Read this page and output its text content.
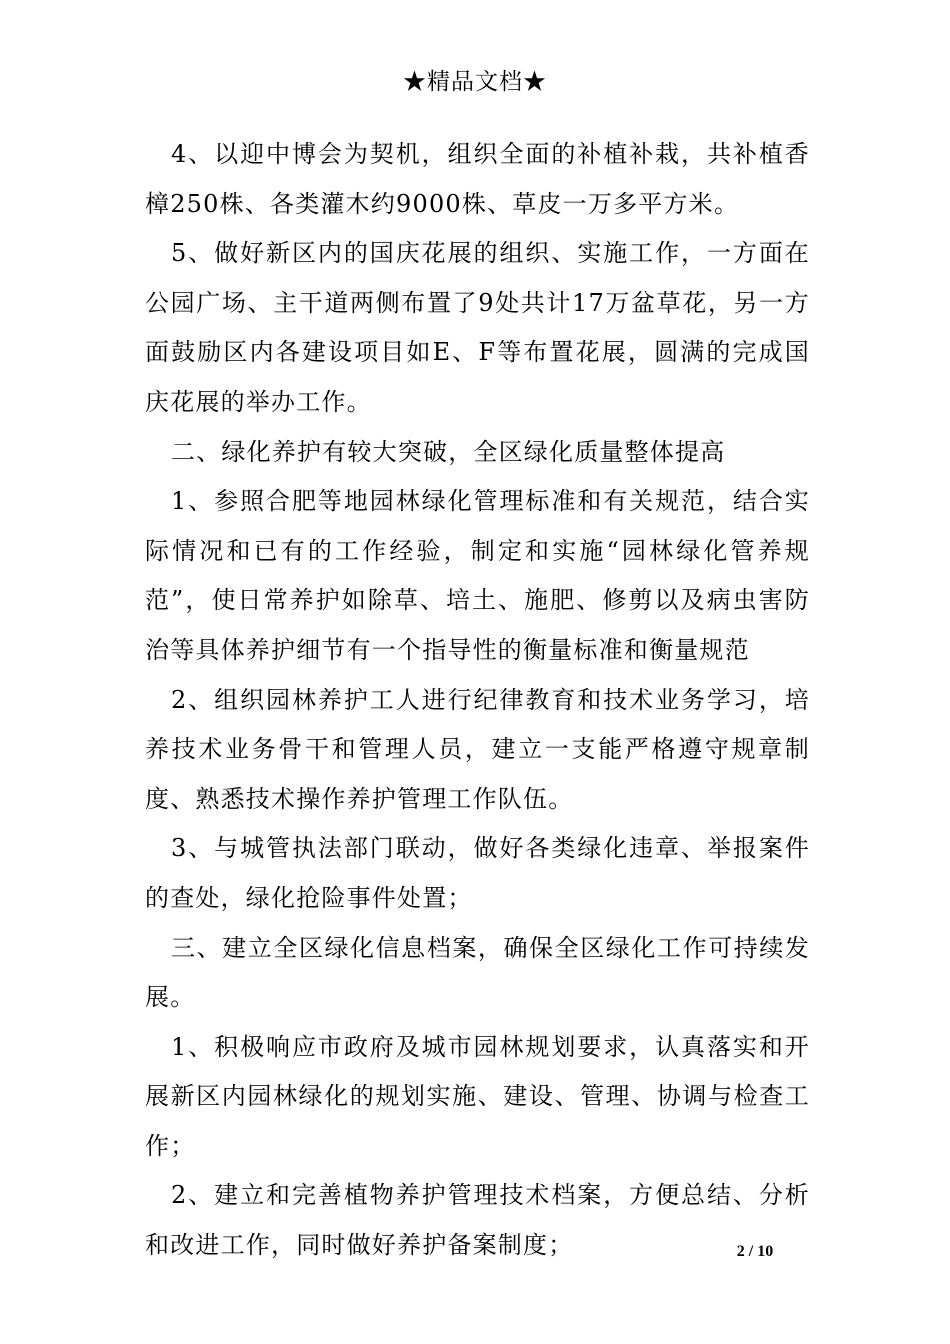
★精品文档★

4、以迎中博会为契机，组织全面的补植补栽，共补植香樟250株、各类灌木约9000株、草皮一万多平方米。

5、做好新区内的国庆花展的组织、实施工作，一方面在公园广场、主干道两侧布置了9处共计17万盆草花，另一方面鼓励区内各建设项目如E、F等布置花展，圆满的完成国庆花展的举办工作。

二、绿化养护有较大突破，全区绿化质量整体提高

1、参照合肥等地园林绿化管理标准和有关规范，结合实际情况和已有的工作经验，制定和实施“园林绿化管养规范”，使日常养护如除草、培土、施肥、修剪以及病虫害防治等具体养护细节有一个指导性的衡量标准和衡量规范

2、组织园林养护工人进行纪律教育和技术业务学习，培养技术业务骨干和管理人员，建立一支能严格遵守规章制度、熟悉技术操作养护管理工作队伍。

3、与城管执法部门联动，做好各类绿化违章、举报案件的查处，绿化抢险事件处置；

三、建立全区绿化信息档案，确保全区绿化工作可持续发展。

1、积极响应市政府及城市园林规划要求，认真落实和开展新区内园林绿化的规划实施、建设、管理、协调与检查工作；

2、建立和完善植物养护管理技术档案，方便总结、分析和改进工作，同时做好养护备案制度；	2 / 10
